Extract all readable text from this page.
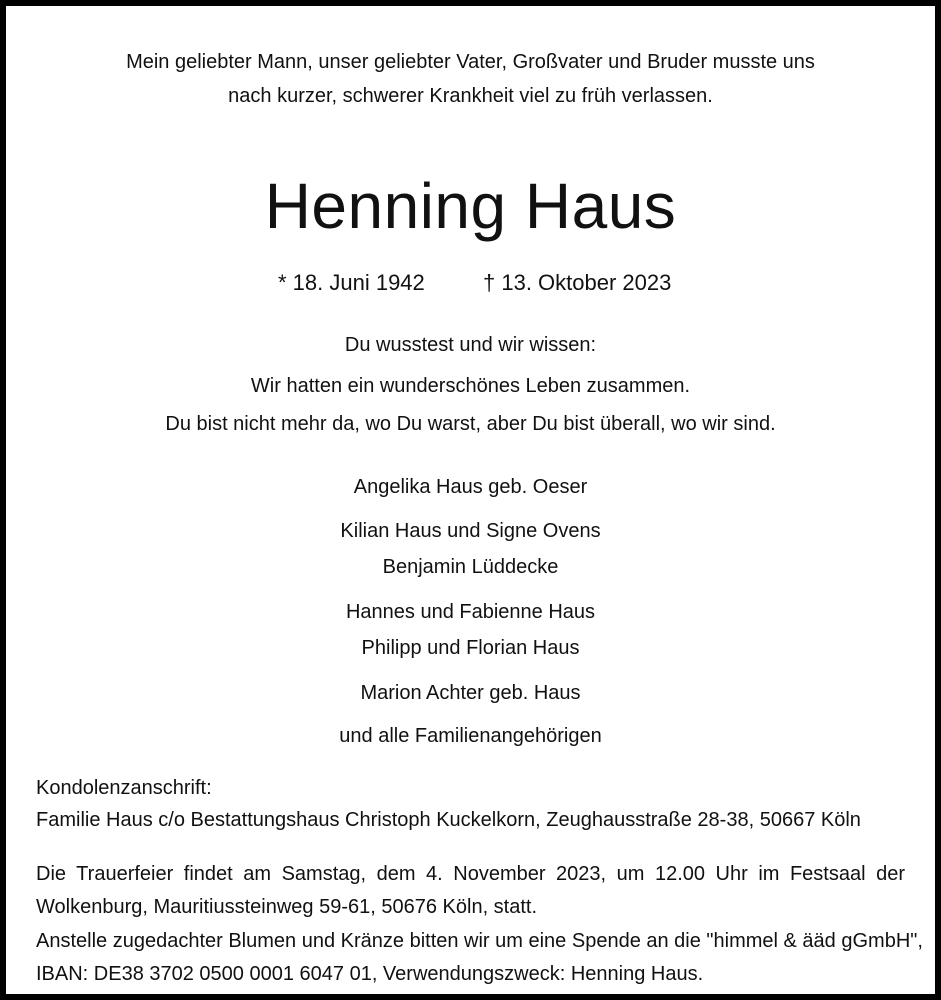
Mein geliebter Mann, unser geliebter Vater, Großvater und Bruder musste uns
nach kurzer, schwerer Krankheit viel zu früh verlassen.
Henning Haus
* 18. Juni 1942	† 13. Oktober 2023
Du wusstest und wir wissen:
Wir hatten ein wunderschönes Leben zusammen.
Du bist nicht mehr da, wo Du warst, aber Du bist überall, wo wir sind.
Angelika Haus geb. Oeser
Kilian Haus und Signe Ovens
Benjamin Lüddecke
Hannes und Fabienne Haus
Philipp und Florian Haus
Marion Achter geb. Haus
und alle Familienangehörigen
Kondolenzanschrift:
Familie Haus c/o Bestattungshaus Christoph Kuckelkorn, Zeughausstraße 28-38, 50667 Köln
Die Trauerfeier findet am Samstag, dem 4. November 2023, um 12.00 Uhr im Festsaal der
Wolkenburg, Mauritiussteinweg 59-61, 50676 Köln, statt.
Anstelle zugedachter Blumen und Kränze bitten wir um eine Spende an die "himmel & ääd gGmbH",
IBAN: DE38 3702 0500 0001 6047 01, Verwendungszweck: Henning Haus.
